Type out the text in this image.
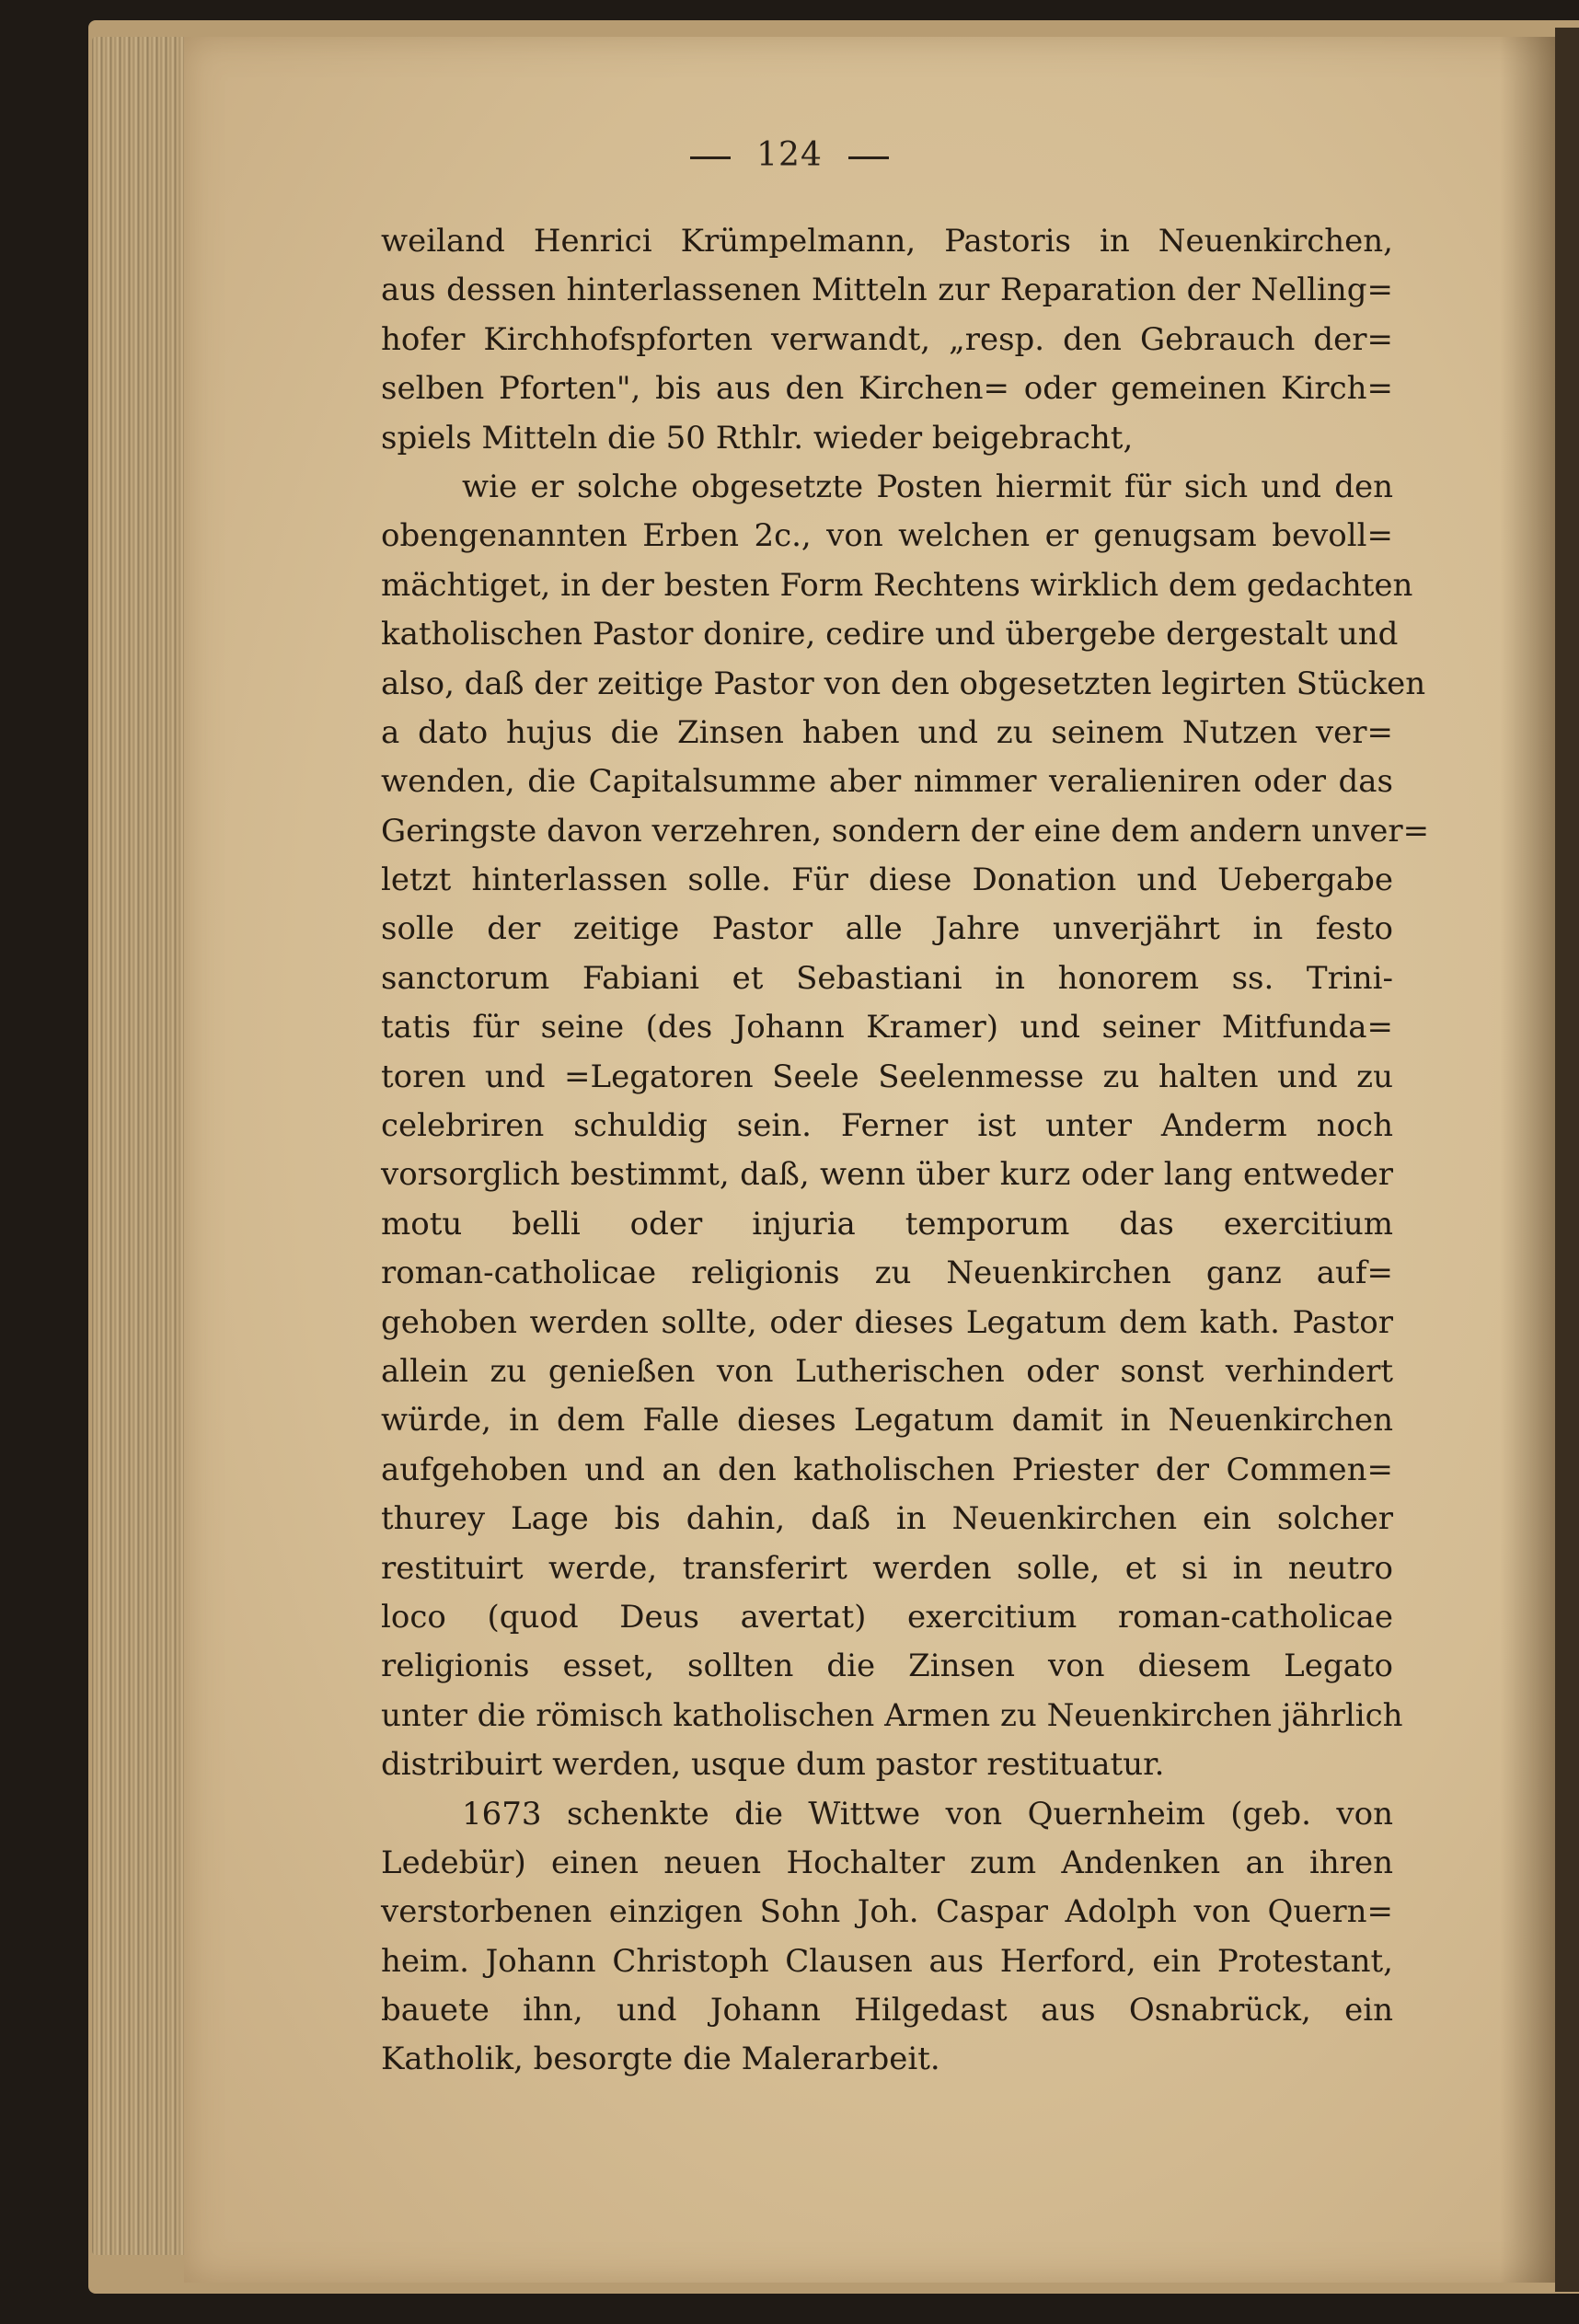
124
weiland Henrici Krümpelmann, Pastoris in Neuenkirchen,
aus dessen hinterlassenen Mitteln zur Reparation der Nelling=
hofer Kirchhofspforten verwandt, „resp. den Gebrauch der=
selben Pforten", bis aus den Kirchen= oder gemeinen Kirch=
spiels Mitteln die 50 Rthlr. wieder beigebracht,
wie er solche obgesetzte Posten hiermit für sich und den
obengenannten Erben 2c., von welchen er genugsam bevoll=
mächtiget, in der besten Form Rechtens wirklich dem gedachten
katholischen Pastor donire, cedire und übergebe dergestalt und
also, daß der zeitige Pastor von den obgesetzten legirten Stücken
a dato hujus die Zinsen haben und zu seinem Nutzen ver=
wenden, die Capitalsumme aber nimmer veralieniren oder das
Geringste davon verzehren, sondern der eine dem andern unver=
letzt hinterlassen solle. Für diese Donation und Uebergabe
solle der zeitige Pastor alle Jahre unverjährt in festo
sanctorum Fabiani et Sebastiani in honorem ss. Trini-
tatis für seine (des Johann Kramer) und seiner Mitfunda=
toren und =Legatoren Seele Seelenmesse zu halten und zu
celebriren schuldig sein. Ferner ist unter Anderm noch
vorsorglich bestimmt, daß, wenn über kurz oder lang entweder
motu belli oder injuria temporum das exercitium
roman-catholicae religionis zu Neuenkirchen ganz auf=
gehoben werden sollte, oder dieses Legatum dem kath. Pastor
allein zu genießen von Lutherischen oder sonst verhindert
würde, in dem Falle dieses Legatum damit in Neuenkirchen
aufgehoben und an den katholischen Priester der Commen=
thurey Lage bis dahin, daß in Neuenkirchen ein solcher
restituirt werde, transferirt werden solle, et si in neutro
loco (quod Deus avertat) exercitium roman-catholicae
religionis esset, sollten die Zinsen von diesem Legato
unter die römisch katholischen Armen zu Neuenkirchen jährlich
distribuirt werden, usque dum pastor restituatur.
1673 schenkte die Wittwe von Quernheim (geb. von
Ledebür) einen neuen Hochalter zum Andenken an ihren
verstorbenen einzigen Sohn Joh. Caspar Adolph von Quern=
heim. Johann Christoph Clausen aus Herford, ein Protestant,
bauete ihn, und Johann Hilgedast aus Osnabrück, ein
Katholik, besorgte die Malerarbeit.
